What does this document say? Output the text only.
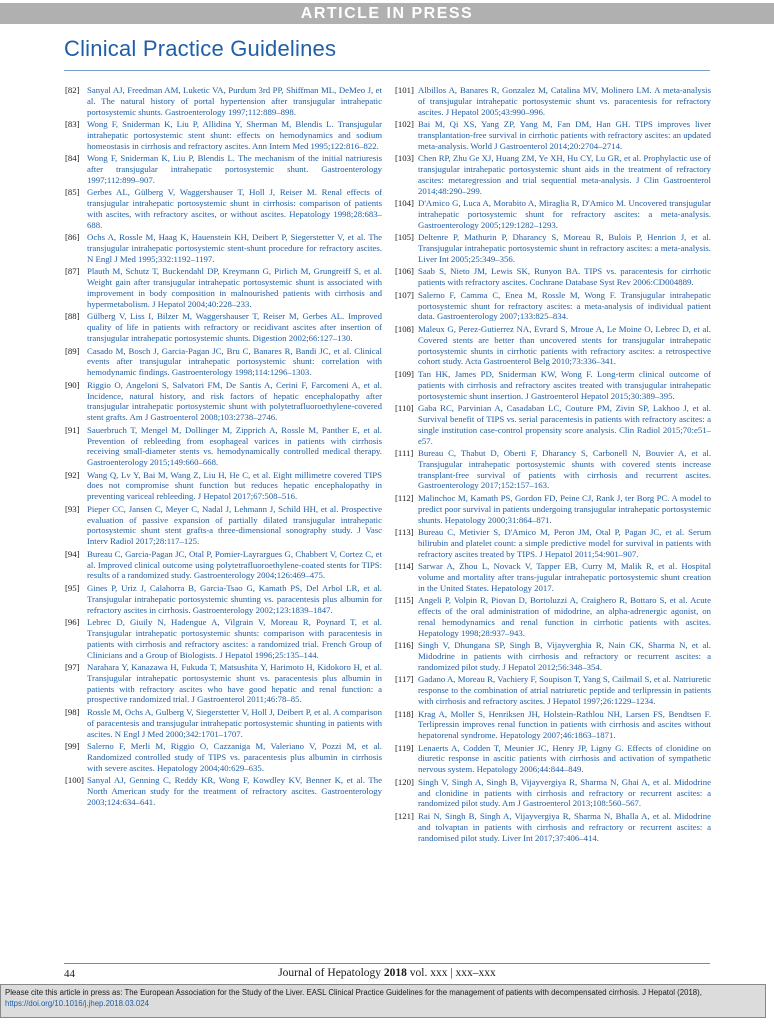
ARTICLE IN PRESS
Clinical Practice Guidelines
[82] Sanyal AJ, Freedman AM, Luketic VA, Purdum 3rd PP, Shiffman ML, DeMeo J, et al. The natural history of portal hypertension after transjugular intrahepatic portosystemic shunts. Gastroenterology 1997;112:889–898.
[83] Wong F, Sniderman K, Liu P, Allidina Y, Sherman M, Blendis L. Transjugular intrahepatic portosystemic stent shunt: effects on hemodynamics and sodium homeostasis in cirrhosis and refractory ascites. Ann Intern Med 1995;122:816–822.
[84] Wong F, Sniderman K, Liu P, Blendis L. The mechanism of the initial natriuresis after transjugular intrahepatic portosystemic shunt. Gastroenterology 1997;112:899–907.
[85] Gerbes AL, Gülberg V, Waggershauser T, Holl J, Reiser M. Renal effects of transjugular intrahepatic portosystemic shunt in cirrhosis: comparison of patients with ascites, with refractory ascites, or without ascites. Hepatology 1998;28:683–688.
[86] Ochs A, Rossle M, Haag K, Hauenstein KH, Deibert P, Siegerstetter V, et al. The transjugular intrahepatic portosystemic stent-shunt procedure for refractory ascites. N Engl J Med 1995;332:1192–1197.
[87] Plauth M, Schutz T, Buckendahl DP, Kreymann G, Pirlich M, Grungreiff S, et al. Weight gain after transjugular intrahepatic portosystemic shunt is associated with improvement in body composition in malnourished patients with cirrhosis and hypermetabolism. J Hepatol 2004;40:228–233.
[88] Gülberg V, Liss I, Bilzer M, Waggershauser T, Reiser M, Gerbes AL. Improved quality of life in patients with refractory or recidivant ascites after insertion of transjugular intrahepatic portosystemic shunts. Digestion 2002;66:127–130.
[89] Casado M, Bosch J, Garcia-Pagan JC, Bru C, Banares R, Bandi JC, et al. Clinical events after transjugular intrahepatic portosystemic shunt: correlation with hemodynamic findings. Gastroenterology 1998;114:1296–1303.
[90] Riggio O, Angeloni S, Salvatori FM, De Santis A, Cerini F, Farcomeni A, et al. Incidence, natural history, and risk factors of hepatic encephalopathy after transjugular intrahepatic portosystemic shunt with polytetrafluoroethylene-covered stent grafts. Am J Gastroenterol 2008;103:2738–2746.
[91] Sauerbruch T, Mengel M, Dollinger M, Zipprich A, Rossle M, Panther E, et al. Prevention of rebleeding from esophageal varices in patients with cirrhosis receiving small-diameter stents vs. hemodynamically controlled medical therapy. Gastroenterology 2015;149:660–668.
[92] Wang Q, Lv Y, Bai M, Wang Z, Liu H, He C, et al. Eight millimetre covered TIPS does not compromise shunt function but reduces hepatic encephalopathy in preventing variceal rebleeding. J Hepatol 2017;67:508–516.
[93] Pieper CC, Jansen C, Meyer C, Nadal J, Lehmann J, Schild HH, et al. Prospective evaluation of passive expansion of partially dilated transjugular intrahepatic portosystemic shunt stent grafts-a three-dimensional sonography study. J Vasc Interv Radiol 2017;28:117–125.
[94] Bureau C, Garcia-Pagan JC, Otal P, Pomier-Layrargues G, Chabbert V, Cortez C, et al. Improved clinical outcome using polytetrafluoroethylene-coated stents for TIPS: results of a randomized study. Gastroenterology 2004;126:469–475.
[95] Gines P, Uriz J, Calahorra B, Garcia-Tsao G, Kamath PS, Del Arbol LR, et al. Transjugular intrahepatic portosystemic shunting vs. paracentesis plus albumin for refractory ascites in cirrhosis. Gastroenterology 2002;123:1839–1847.
[96] Lebrec D, Giuily N, Hadengue A, Vilgrain V, Moreau R, Poynard T, et al. Transjugular intrahepatic portosystemic shunts: comparison with paracentesis in patients with cirrhosis and refractory ascites: a randomized trial. French Group of Clinicians and a Group of Biologists. J Hepatol 1996;25:135–144.
[97] Narahara Y, Kanazawa H, Fukuda T, Matsushita Y, Harimoto H, Kidokoro H, et al. Transjugular intrahepatic portosystemic shunt vs. paracentesis plus albumin in patients with refractory ascites who have good hepatic and renal function: a prospective randomized trial. J Gastroenterol 2011;46:78–85.
[98] Rossle M, Ochs A, Gulberg V, Siegerstetter V, Holl J, Deibert P, et al. A comparison of paracentesis and transjugular intrahepatic portosystemic shunting in patients with ascites. N Engl J Med 2000;342:1701–1707.
[99] Salerno F, Merli M, Riggio O, Cazzaniga M, Valeriano V, Pozzi M, et al. Randomized controlled study of TIPS vs. paracentesis plus albumin in cirrhosis with severe ascites. Hepatology 2004;40:629–635.
[100] Sanyal AJ, Genning C, Reddy KR, Wong F, Kowdley KV, Benner K, et al. The North American study for the treatment of refractory ascites. Gastroenterology 2003;124:634–641.
[101] Albillos A, Banares R, Gonzalez M, Catalina MV, Molinero LM. A meta-analysis of transjugular intrahepatic portosystemic shunt vs. paracentesis for refractory ascites. J Hepatol 2005;43:990–996.
[102] Bai M, Qi XS, Yang ZP, Yang M, Fan DM, Han GH. TIPS improves liver transplantation-free survival in cirrhotic patients with refractory ascites: an updated meta-analysis. World J Gastroenterol 2014;20:2704–2714.
[103] Chen RP, Zhu Ge XJ, Huang ZM, Ye XH, Hu CY, Lu GR, et al. Prophylactic use of transjugular intrahepatic portosystemic shunt aids in the treatment of refractory ascites: metaregression and trial sequential meta-analysis. J Clin Gastroenterol 2014;48:290–299.
[104] D'Amico G, Luca A, Morabito A, Miraglia R, D'Amico M. Uncovered transjugular intrahepatic portosystemic shunt for refractory ascites: a meta-analysis. Gastroenterology 2005;129:1282–1293.
[105] Deltenre P, Mathurin P, Dharancy S, Moreau R, Bulois P, Henrion J, et al. Transjugular intrahepatic portosystemic shunt in refractory ascites: a meta-analysis. Liver Int 2005;25:349–356.
[106] Saab S, Nieto JM, Lewis SK, Runyon BA. TIPS vs. paracentesis for cirrhotic patients with refractory ascites. Cochrane Database Syst Rev 2006:CD004889.
[107] Salerno F, Camma C, Enea M, Rossle M, Wong F. Transjugular intrahepatic portosystemic shunt for refractory ascites: a meta-analysis of individual patient data. Gastroenterology 2007;133:825–834.
[108] Maleux G, Perez-Gutierrez NA, Evrard S, Mroue A, Le Moine O, Lebrec D, et al. Covered stents are better than uncovered stents for transjugular intrahepatic portosystemic shunts in cirrhotic patients with refractory ascites: a retrospective cohort study. Acta Gastroenterol Belg 2010;73:336–341.
[109] Tan HK, James PD, Sniderman KW, Wong F. Long-term clinical outcome of patients with cirrhosis and refractory ascites treated with transjugular intrahepatic portosystemic shunt insertion. J Gastroenterol Hepatol 2015;30:389–395.
[110] Gaba RC, Parvinian A, Casadaban LC, Couture PM, Zivin SP, Lakhoo J, et al. Survival benefit of TIPS vs. serial paracentesis in patients with refractory ascites: a single institution case-control propensity score analysis. Clin Radiol 2015;70:e51–e57.
[111] Bureau C, Thabut D, Oberti F, Dharancy S, Carbonell N, Bouvier A, et al. Transjugular intrahepatic portosystemic shunts with covered stents increase transplant-free survival of patients with cirrhosis and recurrent ascites. Gastroenterology 2017;152:157–163.
[112] Malinchoc M, Kamath PS, Gordon FD, Peine CJ, Rank J, ter Borg PC. A model to predict poor survival in patients undergoing transjugular intrahepatic portosystemic shunts. Hepatology 2000;31:864–871.
[113] Bureau C, Metivier S, D'Amico M, Peron JM, Otal P, Pagan JC, et al. Serum bilirubin and platelet count: a simple predictive model for survival in patients with refractory ascites treated by TIPS. J Hepatol 2011;54:901–907.
[114] Sarwar A, Zhou L, Novack V, Tapper EB, Curry M, Malik R, et al. Hospital volume and mortality after trans-jugular intrahepatic portosystemic shunt creation in the United States. Hepatology 2017.
[115] Angeli P, Volpin R, Piovan D, Bortoluzzi A, Craighero R, Bottaro S, et al. Acute effects of the oral administration of midodrine, an alpha-adrenergic agonist, on renal hemodynamics and renal function in cirrhotic patients with ascites. Hepatology 1998;28:937–943.
[116] Singh V, Dhungana SP, Singh B, Vijayverghia R, Nain CK, Sharma N, et al. Midodrine in patients with cirrhosis and refractory or recurrent ascites: a randomized pilot study. J Hepatol 2012;56:348–354.
[117] Gadano A, Moreau R, Vachiery F, Soupison T, Yang S, Cailmail S, et al. Natriuretic response to the combination of atrial natriuretic peptide and terlipressin in patients with cirrhosis and refractory ascites. J Hepatol 1997;26:1229–1234.
[118] Krag A, Moller S, Henriksen JH, Holstein-Rathlou NH, Larsen FS, Bendtsen F. Terlipressin improves renal function in patients with cirrhosis and ascites without hepatorenal syndrome. Hepatology 2007;46:1863–1871.
[119] Lenaerts A, Codden T, Meunier JC, Henry JP, Ligny G. Effects of clonidine on diuretic response in ascitic patients with cirrhosis and activation of sympathetic nervous system. Hepatology 2006;44:844–849.
[120] Singh V, Singh A, Singh B, Vijayvergiya R, Sharma N, Ghai A, et al. Midodrine and clonidine in patients with cirrhosis and refractory or recurrent ascites: a randomized pilot study. Am J Gastroenterol 2013;108:560–567.
[121] Rai N, Singh B, Singh A, Vijayvergiya R, Sharma N, Bhalla A, et al. Midodrine and tolvaptan in patients with cirrhosis and refractory or recurrent ascites: a randomised pilot study. Liver Int 2017;37:406–414.
44	Journal of Hepatology 2018 vol. xxx | xxx–xxx
Please cite this article in press as: The European Association for the Study of the Liver. EASL Clinical Practice Guidelines for the management of patients with decompensated cirrhosis. J Hepatol (2018), https://doi.org/10.1016/j.jhep.2018.03.024
